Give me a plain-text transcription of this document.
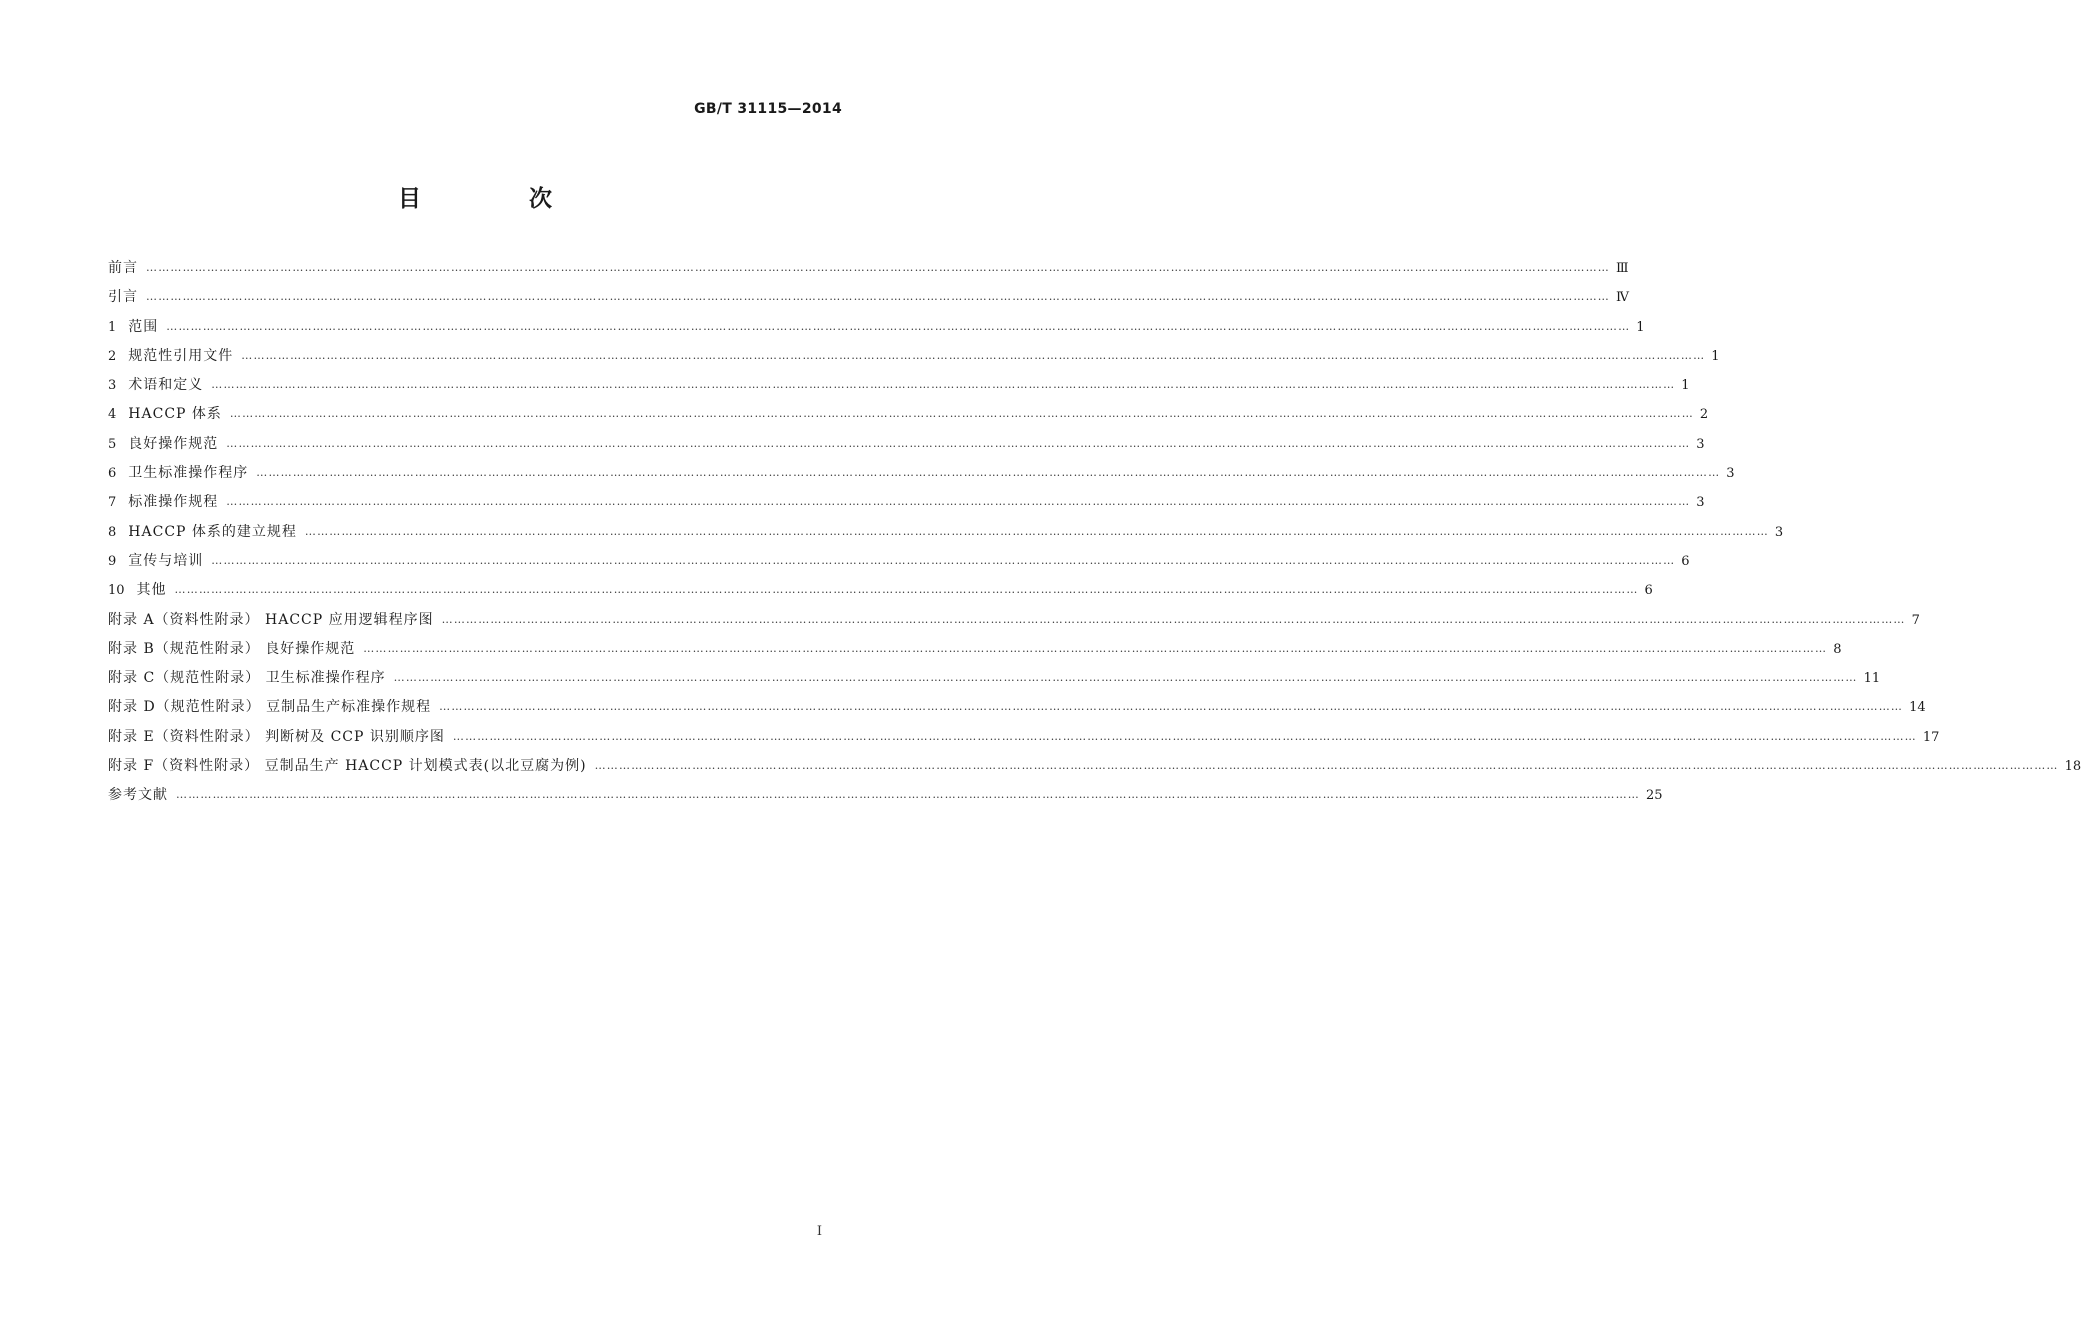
GB/T 31115—2014
目 次
前言 ……………………………………………………………………………………………………………………………………………………………………………………………………………………………………………………………………………………………………………………………… Ⅲ
引言 ……………………………………………………………………………………………………………………………………………………………………………………………………………………………………………………………………………………………………………………………… Ⅳ
1 范围 ……………………………………………………………………………………………………………………………………………………………………………………………………………………………………………………………………………………………………………………………… 1
2 规范性引用文件 ……………………………………………………………………………………………………………………………………………………………………………………………………………………………………………………………………………………………………………………………… 1
3 术语和定义 ……………………………………………………………………………………………………………………………………………………………………………………………………………………………………………………………………………………………………………………………… 1
4 HACCP 体系 ……………………………………………………………………………………………………………………………………………………………………………………………………………………………………………………………………………………………………………………………… 2
5 良好操作规范 ……………………………………………………………………………………………………………………………………………………………………………………………………………………………………………………………………………………………………………………………… 3
6 卫生标准操作程序 ……………………………………………………………………………………………………………………………………………………………………………………………………………………………………………………………………………………………………………………………… 3
7 标准操作规程 ……………………………………………………………………………………………………………………………………………………………………………………………………………………………………………………………………………………………………………………………… 3
8 HACCP 体系的建立规程 ……………………………………………………………………………………………………………………………………………………………………………………………………………………………………………………………………………………………………………………………… 3
9 宣传与培训 ……………………………………………………………………………………………………………………………………………………………………………………………………………………………………………………………………………………………………………………………… 6
10 其他 ……………………………………………………………………………………………………………………………………………………………………………………………………………………………………………………………………………………………………………………………… 6
附录 A（资料性附录） HACCP 应用逻辑程序图 ……………………………………………………………………………………………………………………………………………………………………………………………………………………………………………………………………………………………………………………………… 7
附录 B（规范性附录） 良好操作规范 ……………………………………………………………………………………………………………………………………………………………………………………………………………………………………………………………………………………………………………………………… 8
附录 C（规范性附录） 卫生标准操作程序 ……………………………………………………………………………………………………………………………………………………………………………………………………………………………………………………………………………………………………………………………… 11
附录 D（规范性附录） 豆制品生产标准操作规程 ……………………………………………………………………………………………………………………………………………………………………………………………………………………………………………………………………………………………………………………………… 14
附录 E（资料性附录） 判断树及 CCP 识别顺序图 ……………………………………………………………………………………………………………………………………………………………………………………………………………………………………………………………………………………………………………………………… 17
附录 F（资料性附录） 豆制品生产 HACCP 计划模式表(以北豆腐为例) ……………………………………………………………………………………………………………………………………………………………………………………………………………………………………………………………………………………………………………………………… 18
参考文献 ……………………………………………………………………………………………………………………………………………………………………………………………………………………………………………………………………………………………………………………………… 25
I
